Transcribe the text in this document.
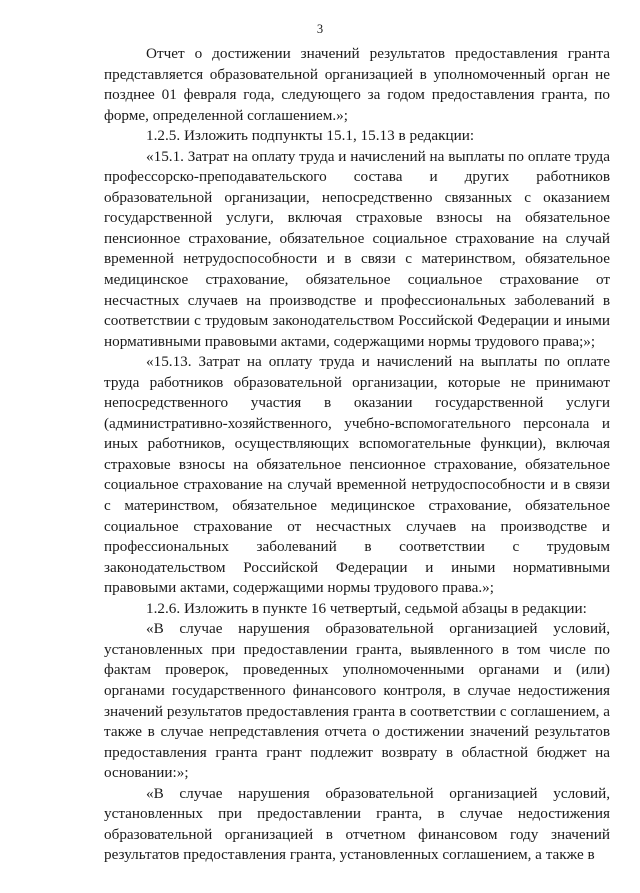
3

Отчет о достижении значений результатов предоставления гранта представляется образовательной организацией в уполномоченный орган не позднее 01 февраля года, следующего за годом предоставления гранта, по форме, определенной соглашением.»;

1.2.5. Изложить подпункты 15.1, 15.13 в редакции:

«15.1. Затрат на оплату труда и начислений на выплаты по оплате труда профессорско-преподавательского состава и других работников образовательной организации, непосредственно связанных с оказанием государственной услуги, включая страховые взносы на обязательное пенсионное страхование, обязательное социальное страхование на случай временной нетрудоспособности и в связи с материнством, обязательное медицинское страхование, обязательное социальное страхование от несчастных случаев на производстве и профессиональных заболеваний в соответствии с трудовым законодательством Российской Федерации и иными нормативными правовыми актами, содержащими нормы трудового права;»;

«15.13. Затрат на оплату труда и начислений на выплаты по оплате труда работников образовательной организации, которые не принимают непосредственного участия в оказании государственной услуги (административно-хозяйственного, учебно-вспомогательного персонала и иных работников, осуществляющих вспомогательные функции), включая страховые взносы на обязательное пенсионное страхование, обязательное социальное страхование на случай временной нетрудоспособности и в связи с материнством, обязательное медицинское страхование, обязательное социальное страхование от несчастных случаев на производстве и профессиональных заболеваний в соответствии с трудовым законодательством Российской Федерации и иными нормативными правовыми актами, содержащими нормы трудового права.»;

1.2.6. Изложить в пункте 16 четвертый, седьмой абзацы в редакции:

«В случае нарушения образовательной организацией условий, установленных при предоставлении гранта, выявленного в том числе по фактам проверок, проведенных уполномоченными органами и (или) органами государственного финансового контроля, в случае недостижения значений результатов предоставления гранта в соответствии с соглашением, а также в случае непредставления отчета о достижении значений результатов предоставления гранта грант подлежит возврату в областной бюджет на основании:»;

«В случае нарушения образовательной организацией условий, установленных при предоставлении гранта, в случае недостижения образовательной организацией в отчетном финансовом году значений результатов предоставления гранта, установленных соглашением, а также в
